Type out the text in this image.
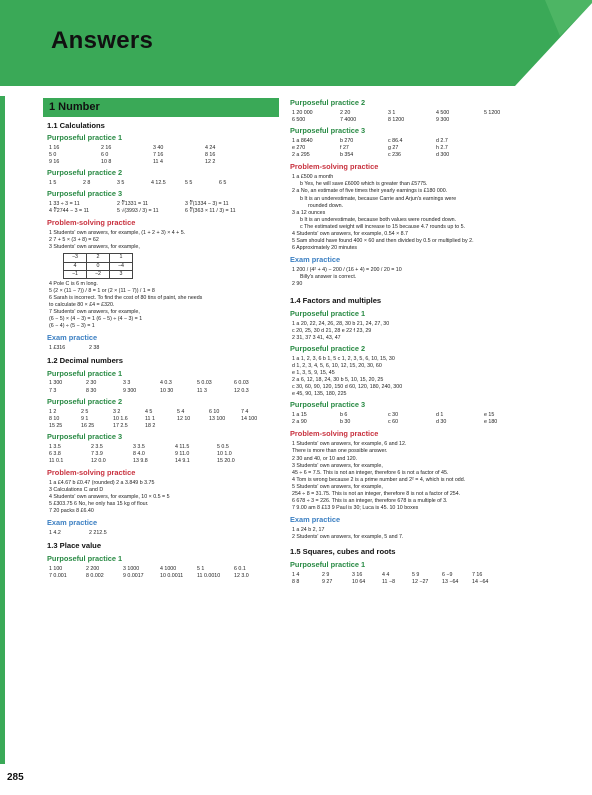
Answers
1 Number
1.1 Calculations
Purposeful practice 1
1 16	2 16	3 40	4 24
5 0	6 0	7 16	8 16
9 16	10 8	11 4	12 2
Purposeful practice 2
1 5	2 8	3 5	4 12.5	5 5	6 5
Purposeful practice 3
1 33 ÷ 3 = 11	2 ∛1331 = 11	3 ∛(1334 − 3) = 11
4 ∛2744 − 3 = 11	5 √(3993 / 3) = 11	6 ∛(363 × 11 / 3) = 11
Problem-solving practice
1 Students' own answers, for example, (1 + 2 + 3) × 4 + 5.
2 7 + 5 × (3 + 8) = 62
3 Students' own answers, for example,
−3	2	1
4	0	−4
−1	−2	3
4 Pole C is 6 m long.
5 (2 × (11 − 7)) / 8 = 1 or (2 × (11 − 7)) / 1 = 8
6 Sarah is incorrect. To find the cost of 80 tins of paint, she needs
to calculate 80 × £4 = £320.
7 Students' own answers, for example,
(6 − 5) × (4 − 3) = 1 (6 − 5) ÷ (4 − 3) = 1
(6 − 4) ÷ (5 − 3) = 1
Exam practice
1 £316	2 38
1.2 Decimal numbers
Purposeful practice 1
1 300	2 30	3 3	4 0.3	5 0.03	6 0.03
7 3	8 30	9 300	10 30	11 3	12 0.3
Purposeful practice 2
1 2	2 5	3 2	4 5	5 4	6 10	7 4
8 10	9 1	10 1.6	11 1	12 10	13 100	14 100
15 25	16 25	17 2.5	18 2
Purposeful practice 3
1 3.5	2 3.5	3 3.5	4 11.5	5 0.5
6 3.8	7 3.9	8 4.0	9 11.0	10 1.0
11 0.1	12 0.0	13 9.8	14 9.1	15 20.0
Problem-solving practice
1 a £4.67 b £0.47 (rounded) 2 a 3.849 b 3.75
3 Calculations C and D
4 Students' own answers, for example, 10 × 0.5 = 5
5 £303.75 6 No, he only has 15 kg of flour.
7 20 packs 8 £6.40
Exam practice
1 4.2	2 212.5
1.3 Place value
Purposeful practice 1
1 100	2 200	3 1000	4 1000	5 1	6 0.1
7 0.001	8 0.002	9 0.0017	10 0.0011	11 0.0010	12 3.0
Purposeful practice 2
1 20 000	2 20	3 1	4 500	5 1200
6 500	7 4000	8 1200	9 300
Purposeful practice 3
1 a 8640	b 270	c 86.4	d 2.7
e 270	f 27	g 27	h 2.7
2 a 295	b 354	c 236	d 300
Problem-solving practice
1 a £500 a month
b Yes, he will save £6000 which is greater than £5775.
2 a No, an estimate of five times their yearly earnings is £180 000.
b It is an underestimate, because Carrie and Arjun's earnings were
rounded down.
3 a 12 ounces
b It is an underestimate, because both values were rounded down.
c The estimated weight will increase to 15 because 4.7 rounds up to 5.
4 Students' own answers, for example, 0.54 × 8.7
5 Sam should have found 400 × 60 and then divided by 0.5 or multiplied by 2.
6 Approximately 20 minutes
Exam practice
1 200 / (4² + 4) − 200 / (16 + 4) = 200 / 20 = 10
Billy's answer is correct.
2 90
1.4 Factors and multiples
Purposeful practice 1
1 a 20, 22, 24, 26, 28, 30 b 21, 24, 27, 30
c 20, 25, 30 d 21, 28 e 22 f 23, 29
2 31, 37 3 41, 43, 47
Purposeful practice 2
1 a 1, 2, 3, 6 b 1, 5 c 1, 2, 3, 5, 6, 10, 15, 30
d 1, 2, 3, 4, 5, 6, 10, 12, 15, 20, 30, 60
e 1, 3, 5, 9, 15, 45
2 a 6, 12, 18, 24, 30 b 5, 10, 15, 20, 25
c 30, 60, 90, 120, 150 d 60, 120, 180, 240, 300
e 45, 90, 135, 180, 225
Purposeful practice 3
1 a 15	b 6	c 30	d 1	e 15
2 a 90	b 30	c 60	d 30	e 180
Problem-solving practice
1 Students' own answers, for example, 6 and 12.
There is more than one possible answer.
2 30 and 40, or 10 and 120.
3 Students' own answers, for example,
45 ÷ 6 = 7.5. This is not an integer, therefore 6 is not a factor of 45.
4 Tom is wrong because 2 is a prime number and 2² = 4, which is not odd.
5 Students' own answers, for example,
254 ÷ 8 = 31.75. This is not an integer, therefore 8 is not a factor of 254.
6 678 ÷ 3 = 226. This is an integer, therefore 678 is a multiple of 3.
7 9.00 am 8 £13 9 Paul is 30; Luca is 45. 10 10 boxes
Exam practice
1 a 24 b 2, 17
2 Students' own answers, for example, 5 and 7.
1.5 Squares, cubes and roots
Purposeful practice 1
1 4	2 9	3 16	4 4	5 9	6 −9	7 16
8 8	9 27	10 64	11 −8	12 −27	13 −64	14 −64
285
